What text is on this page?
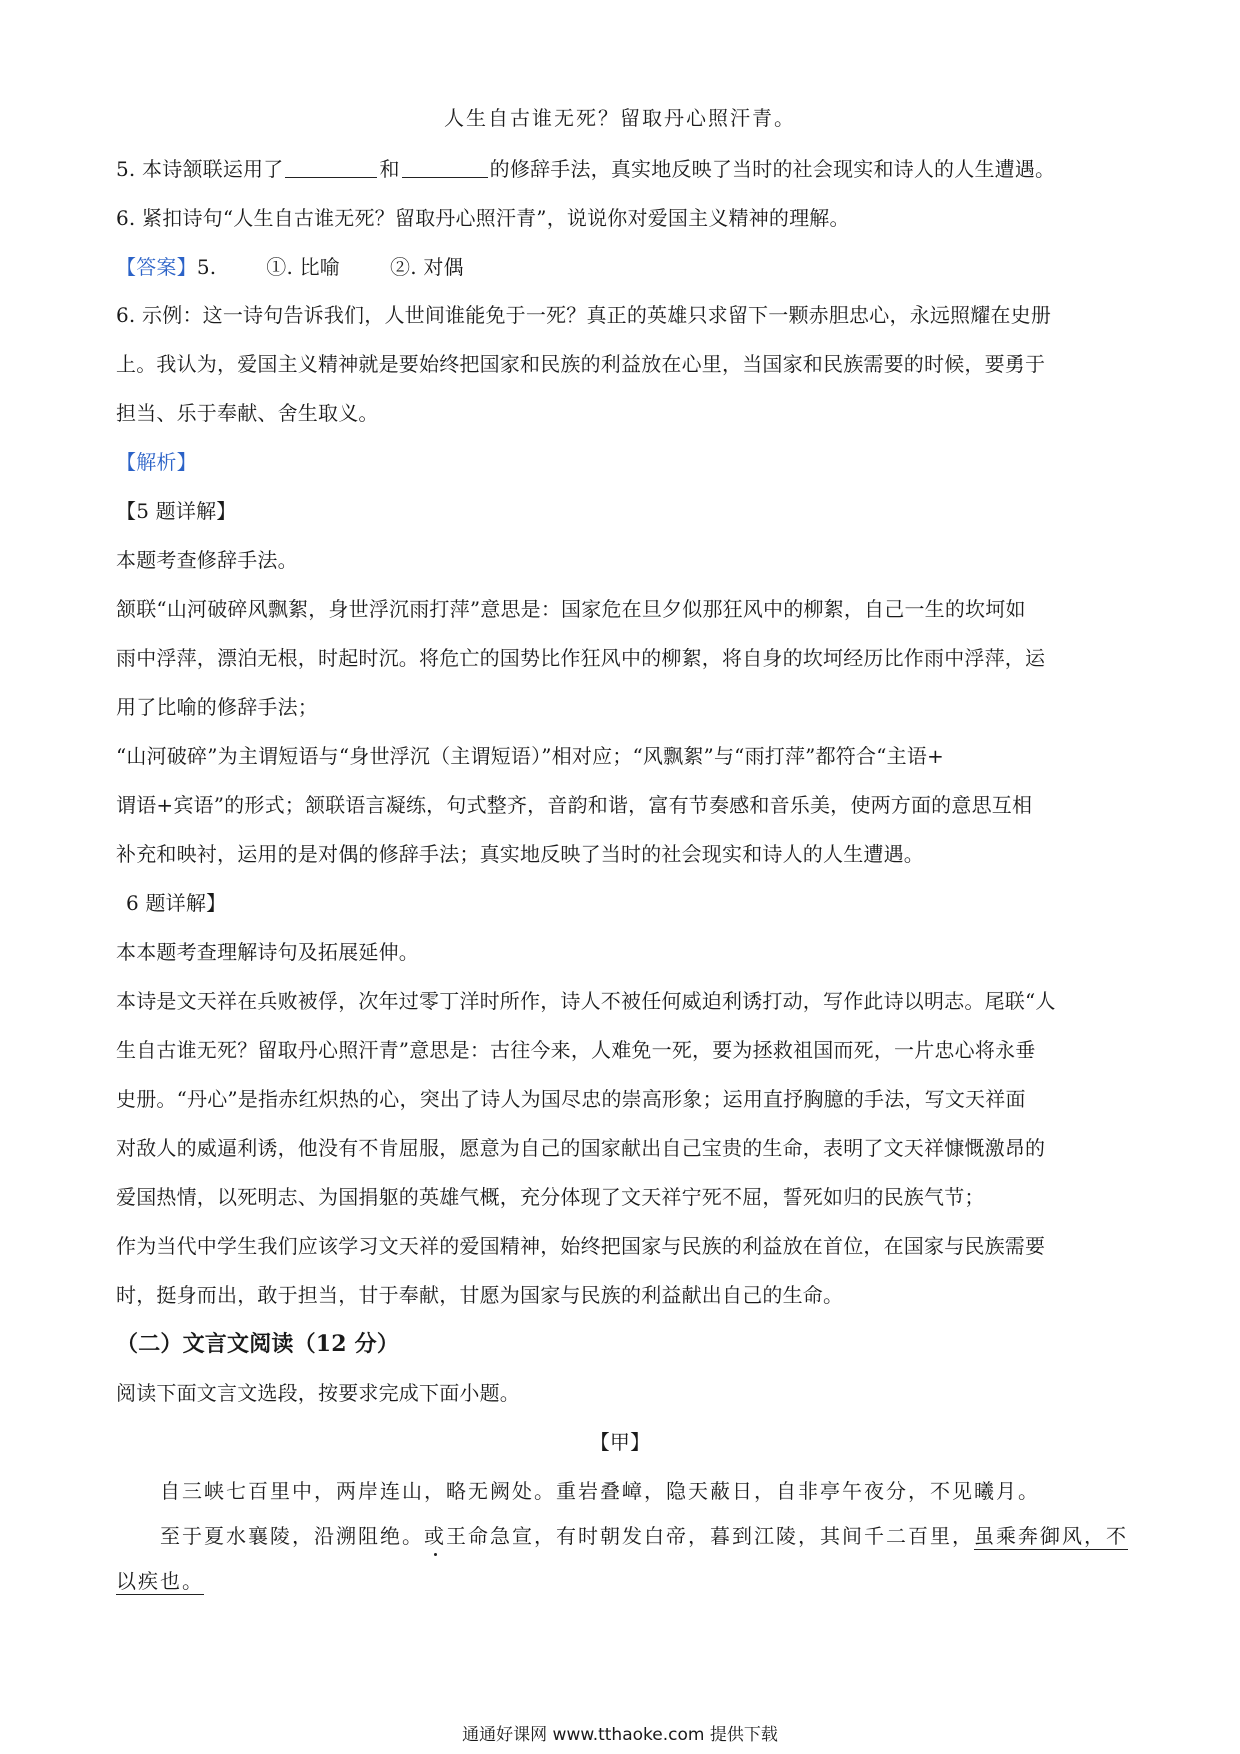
人生自古谁无死？留取丹心照汗青。
5. 本诗颔联运用了	和	的修辞手法，真实地反映了当时的社会现实和诗人的人生遭遇。
6. 紧扣诗句“人生自古谁无死？留取丹心照汗青”，说说你对爱国主义精神的理解。
【答案】5.	①. 比喻	②. 对偶
6. 示例：这一诗句告诉我们，人世间谁能免于一死？真正的英雄只求留下一颗赤胆忠心，永远照耀在史册
上。我认为，爱国主义精神就是要始终把国家和民族的利益放在心里，当国家和民族需要的时候，要勇于
担当、乐于奉献、舍生取义。
【解析】
【5 题详解】
本题考查修辞手法。
颔联“山河破碎风飘絮，身世浮沉雨打萍”意思是：国家危在旦夕似那狂风中的柳絮，自己一生的坎坷如
雨中浮萍，漂泊无根，时起时沉。将危亡的国势比作狂风中的柳絮，将自身的坎坷经历比作雨中浮萍，运
用了比喻的修辞手法；
“山河破碎”为主谓短语与“身世浮沉（主谓短语）”相对应；“风飘絮”与“雨打萍”都符合“主语+
谓语+宾语”的形式；颔联语言凝练，句式整齐，音韵和谐，富有节奏感和音乐美，使两方面的意思互相
补充和映衬，运用的是对偶的修辞手法；真实地反映了当时的社会现实和诗人的人生遭遇。
6 题详解】
本本题考查理解诗句及拓展延伸。
本诗是文天祥在兵败被俘，次年过零丁洋时所作，诗人不被任何威迫利诱打动，写作此诗以明志。尾联“人
生自古谁无死？留取丹心照汗青”意思是：古往今来，人难免一死，要为拯救祖国而死，一片忠心将永垂
史册。“丹心”是指赤红炽热的心，突出了诗人为国尽忠的崇高形象；运用直抒胸臆的手法，写文天祥面
对敌人的威逼利诱，他没有不肯屈服，愿意为自己的国家献出自己宝贵的生命，表明了文天祥慷慨激昂的
爱国热情，以死明志、为国捐躯的英雄气概，充分体现了文天祥宁死不屈，誓死如归的民族气节；
作为当代中学生我们应该学习文天祥的爱国精神，始终把国家与民族的利益放在首位，在国家与民族需要
时，挺身而出，敢于担当，甘于奉献，甘愿为国家与民族的利益献出自己的生命。
（二）文言文阅读（12 分）
阅读下面文言文选段，按要求完成下面小题。
【甲】
自三峡七百里中，两岸连山，略无阙处。重岩叠嶂，隐天蔽日，自非亭午夜分，不见曦月。
至于夏水襄陵，沿溯阻绝。或王命急宣，有时朝发白帝，暮到江陵，其间千二百里，虽乘奔御风，不
以疾也。
通通好课网 www.tthaoke.com 提供下载
